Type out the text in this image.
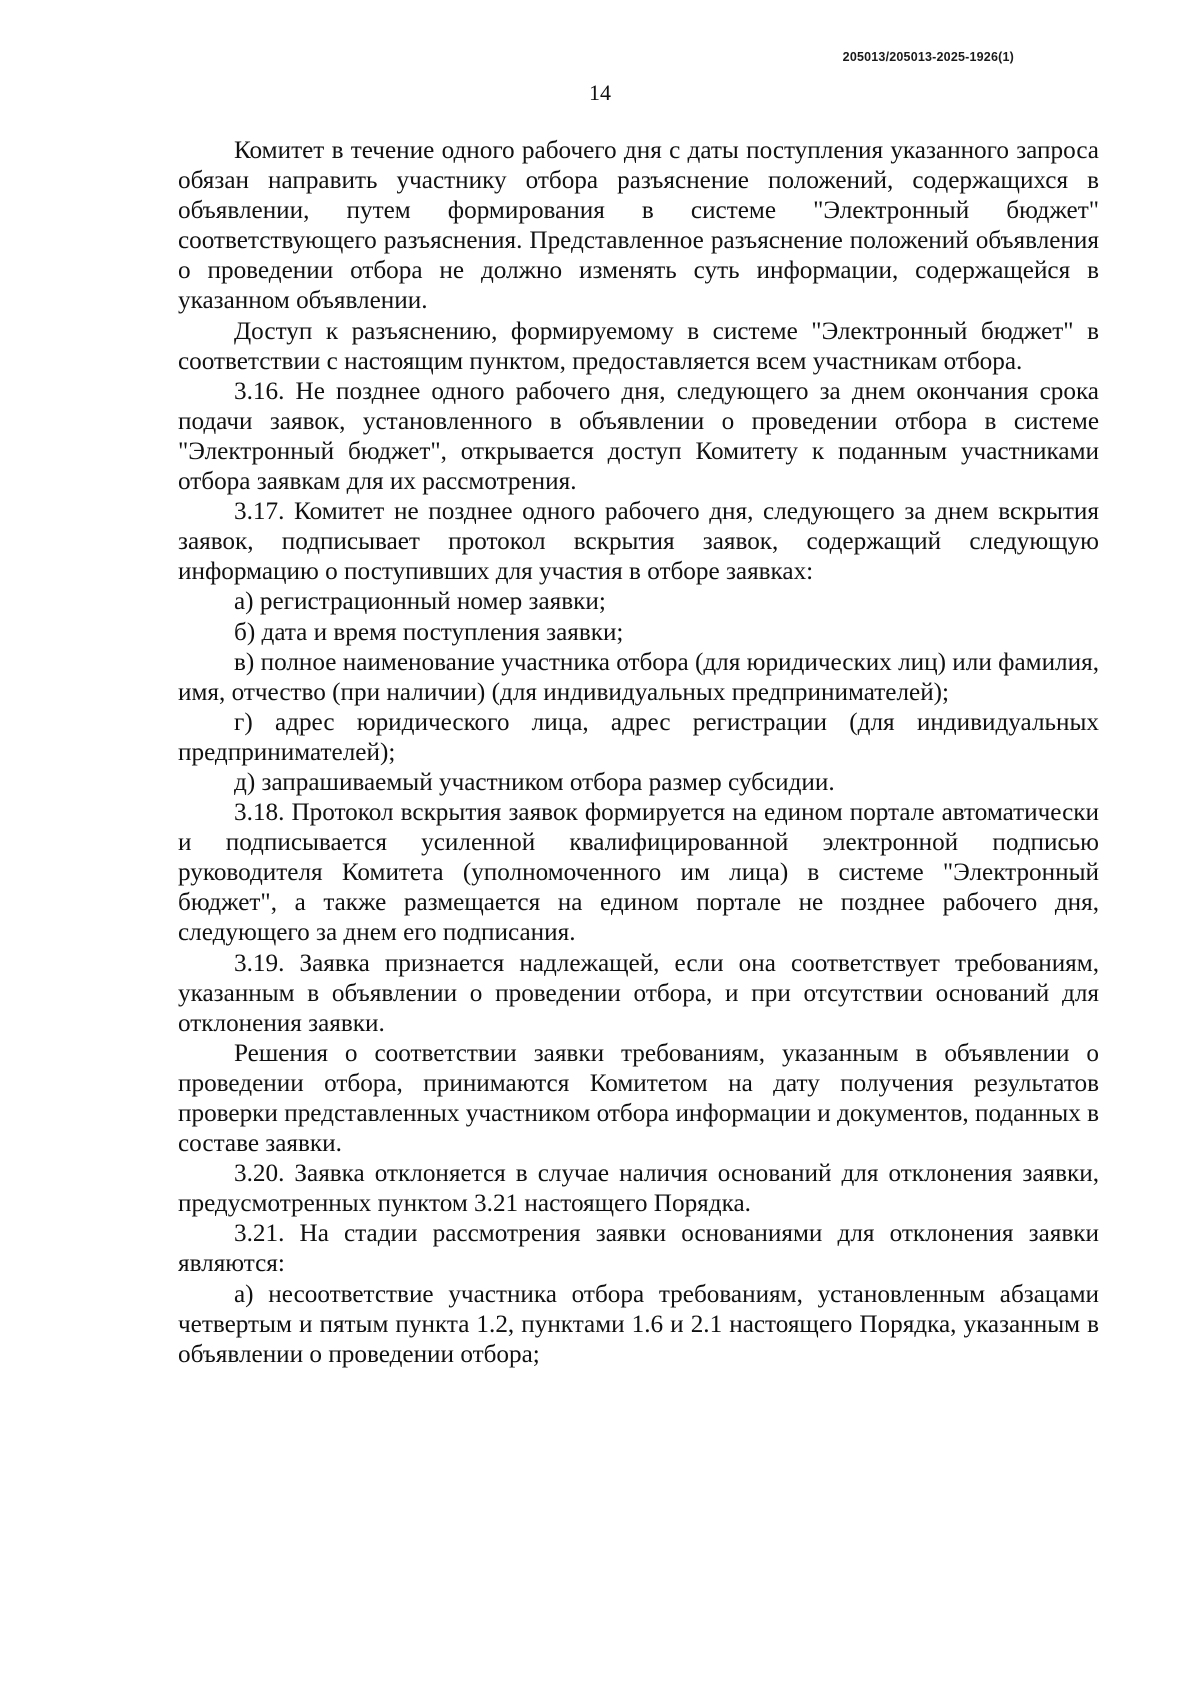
205013/205013-2025-1926(1)
14

Комитет в течение одного рабочего дня с даты поступления указанного запроса обязан направить участнику отбора разъяснение положений, содержащихся в объявлении, путем формирования в системе "Электронный бюджет" соответствующего разъяснения. Представленное разъяснение положений объявления о проведении отбора не должно изменять суть информации, содержащейся в указанном объявлении.

Доступ к разъяснению, формируемому в системе "Электронный бюджет" в соответствии с настоящим пунктом, предоставляется всем участникам отбора.

3.16. Не позднее одного рабочего дня, следующего за днем окончания срока подачи заявок, установленного в объявлении о проведении отбора в системе "Электронный бюджет", открывается доступ Комитету к поданным участниками отбора заявкам для их рассмотрения.

3.17. Комитет не позднее одного рабочего дня, следующего за днем вскрытия заявок, подписывает протокол вскрытия заявок, содержащий следующую информацию о поступивших для участия в отборе заявках:

а) регистрационный номер заявки;

б) дата и время поступления заявки;

в) полное наименование участника отбора (для юридических лиц) или фамилия, имя, отчество (при наличии) (для индивидуальных предпринимателей);

г) адрес юридического лица, адрес регистрации (для индивидуальных предпринимателей);

д) запрашиваемый участником отбора размер субсидии.

3.18. Протокол вскрытия заявок формируется на едином портале автоматически и подписывается усиленной квалифицированной электронной подписью руководителя Комитета (уполномоченного им лица) в системе "Электронный бюджет", а также размещается на едином портале не позднее рабочего дня, следующего за днем его подписания.

3.19. Заявка признается надлежащей, если она соответствует требованиям, указанным в объявлении о проведении отбора, и при отсутствии оснований для отклонения заявки.

Решения о соответствии заявки требованиям, указанным в объявлении о проведении отбора, принимаются Комитетом на дату получения результатов проверки представленных участником отбора информации и документов, поданных в составе заявки.

3.20. Заявка отклоняется в случае наличия оснований для отклонения заявки, предусмотренных пунктом 3.21 настоящего Порядка.

3.21. На стадии рассмотрения заявки основаниями для отклонения заявки являются:

а) несоответствие участника отбора требованиям, установленным абзацами четвертым и пятым пункта 1.2, пунктами 1.6 и 2.1 настоящего Порядка, указанным в объявлении о проведении отбора;
